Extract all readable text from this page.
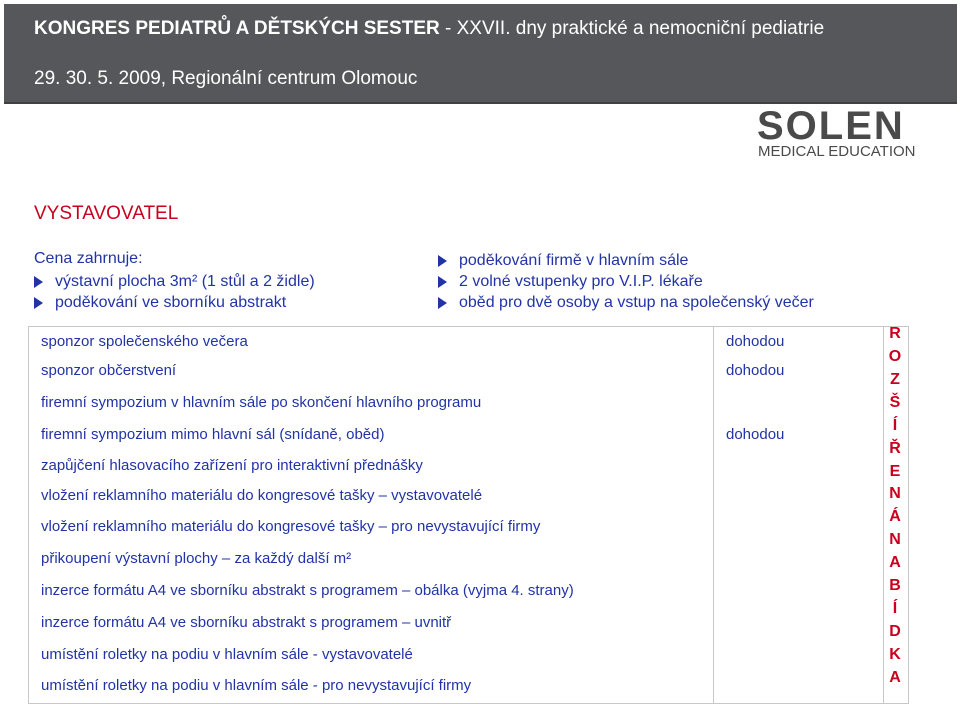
KONGRES PEDIATRŮ A DĚTSKÝCH SESTER - XXVII. dny praktické a nemocniční pediatrie
29. 30. 5. 2009, Regionální centrum Olomouc
SOLEN
MEDICAL EDUCATION
VYSTAVOVATEL
Cena zahrnuje:
výstavní plocha 3m² (1 stůl a 2 židle)
poděkování ve sborníku abstrakt
poděkování firmě v hlavním sále
2 volné vstupenky pro V.I.P. lékaře
oběd pro dvě osoby a vstup na společenský večer
sponzor společenského večera	dohodou
sponzor občerstvení	dohodou
firemní sympozium v hlavním sále po skončení hlavního programu
firemní sympozium mimo hlavní sál (snídaně, oběd)	dohodou
zapůjčení hlasovacího zařízení pro interaktivní přednášky
vložení reklamního materiálu do kongresové tašky – vystavovatelé
vložení reklamního materiálu do kongresové tašky – pro nevystavující firmy
přikoupení výstavní plochy – za každý další m²
inzerce formátu A4 ve sborníku abstrakt s programem – obálka (vyjma 4. strany)
inzerce formátu A4 ve sborníku abstrakt s programem – uvnitř
umístění roletky na podiu v hlavním sále - vystavovatelé
umístění roletky na podiu v hlavním sále - pro nevystavující firmy
R
O
Z
Š
Í
Ř
E
N
Á
N
A
B
Í
D
K
A
